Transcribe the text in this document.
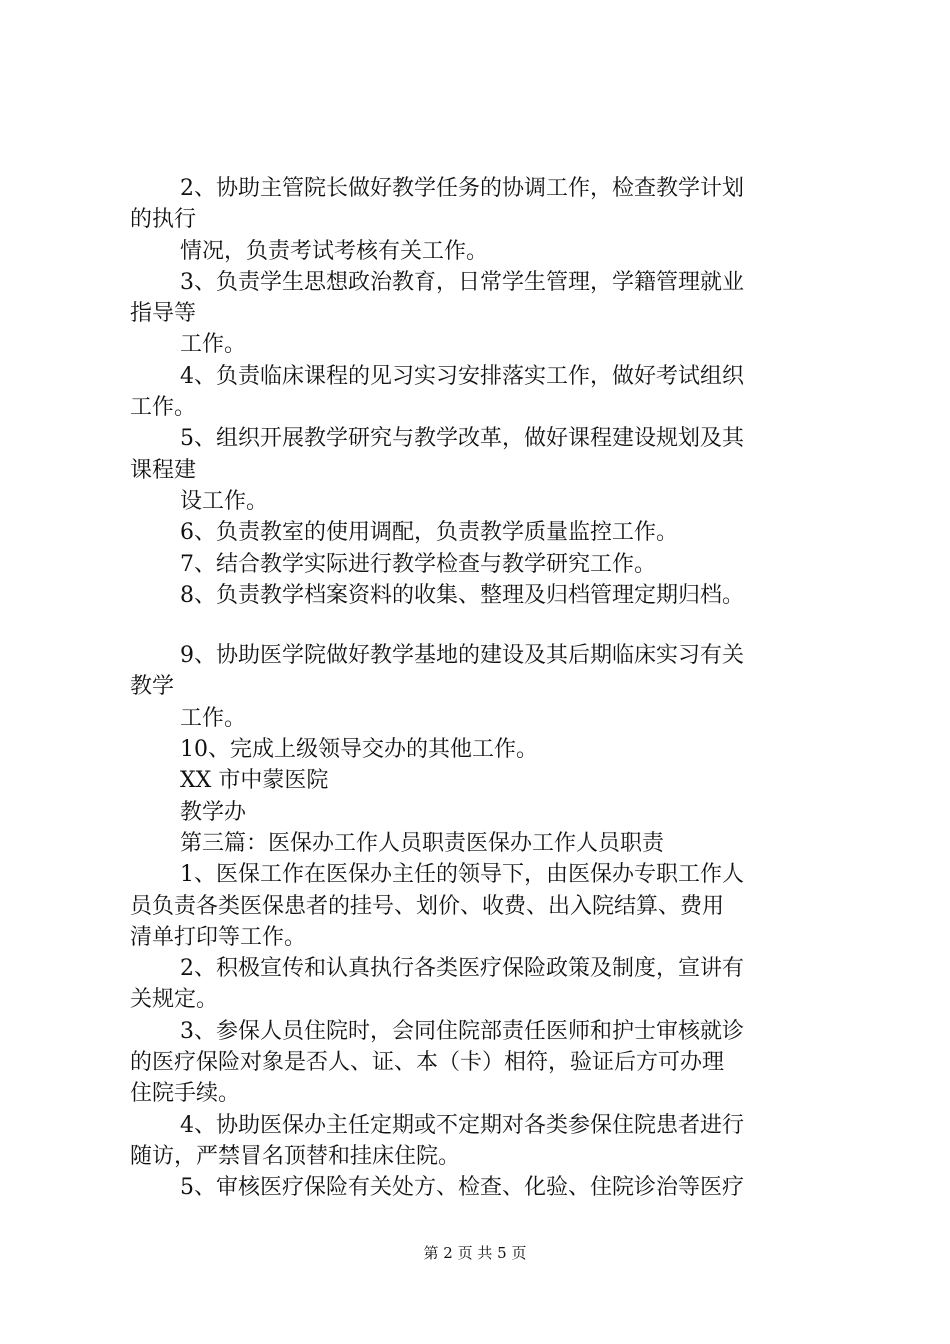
2、协助主管院长做好教学任务的协调工作，检查教学计划
的执行
情况，负责考试考核有关工作。
3、负责学生思想政治教育，日常学生管理，学籍管理就业
指导等
工作。
4、负责临床课程的见习实习安排落实工作，做好考试组织
工作。
5、组织开展教学研究与教学改革，做好课程建设规划及其
课程建
设工作。
6、负责教室的使用调配，负责教学质量监控工作。
7、结合教学实际进行教学检查与教学研究工作。
8、负责教学档案资料的收集、整理及归档管理定期归档。
9、协助医学院做好教学基地的建设及其后期临床实习有关
教学
工作。
10、完成上级领导交办的其他工作。
XX 市中蒙医院
教学办
第三篇：医保办工作人员职责医保办工作人员职责
1、医保工作在医保办主任的领导下，由医保办专职工作人
员负责各类医保患者的挂号、划价、收费、出入院结算、费用
清单打印等工作。
2、积极宣传和认真执行各类医疗保险政策及制度，宣讲有
关规定。
3、参保人员住院时，会同住院部责任医师和护士审核就诊
的医疗保险对象是否人、证、本（卡）相符，验证后方可办理
住院手续。
4、协助医保办主任定期或不定期对各类参保住院患者进行
随访，严禁冒名顶替和挂床住院。
5、审核医疗保险有关处方、检查、化验、住院诊治等医疗
第 2 页 共 5 页
